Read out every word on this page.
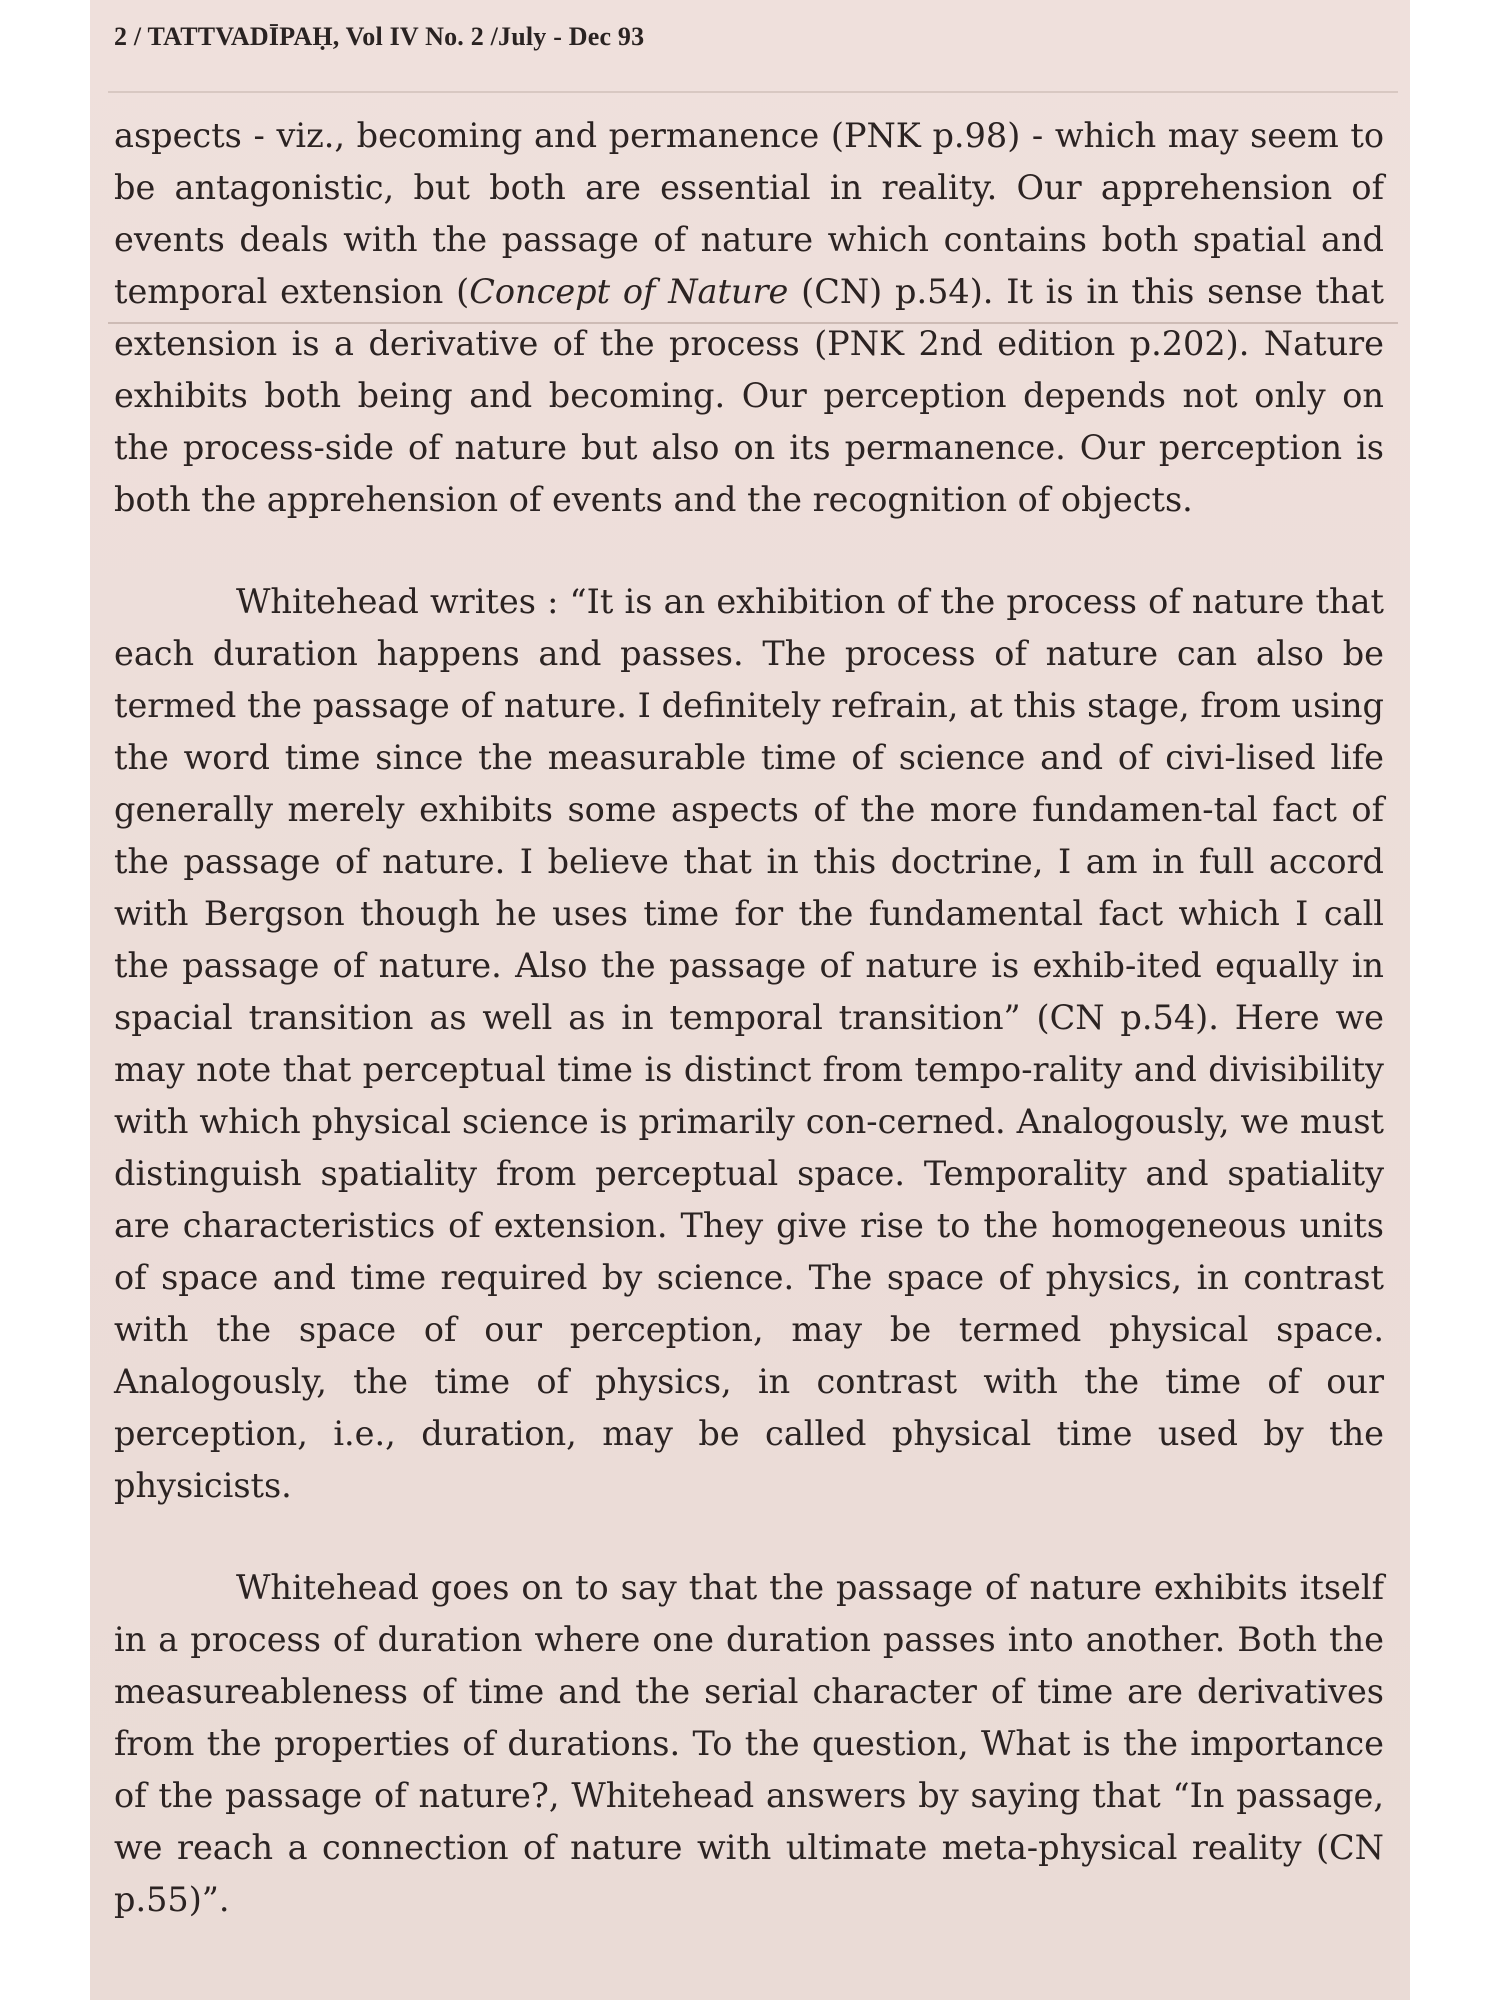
2 / TATTVADĪPAḤ, Vol IV No. 2 /July - Dec 93

aspects - viz., becoming and permanence (PNK p.98) - which may seem to be antagonistic, but both are essential in reality. Our apprehension of events deals with the passage of nature which contains both spatial and temporal extension (Concept of Nature (CN) p.54). It is in this sense that extension is a derivative of the process (PNK 2nd edition p.202). Nature exhibits both being and becoming. Our perception depends not only on the process-side of nature but also on its permanence. Our perception is both the apprehension of events and the recognition of objects.

Whitehead writes : “It is an exhibition of the process of nature that each duration happens and passes. The process of nature can also be termed the passage of nature. I definitely refrain, at this stage, from using the word time since the measurable time of science and of civi-lised life generally merely exhibits some aspects of the more fundamen-tal fact of the passage of nature. I believe that in this doctrine, I am in full accord with Bergson though he uses time for the fundamental fact which I call the passage of nature. Also the passage of nature is exhib-ited equally in spacial transition as well as in temporal transition” (CN p.54). Here we may note that perceptual time is distinct from tempo-rality and divisibility with which physical science is primarily con-cerned. Analogously, we must distinguish spatiality from perceptual space. Temporality and spatiality are characteristics of extension. They give rise to the homogeneous units of space and time required by science. The space of physics, in contrast with the space of our perception, may be termed physical space. Analogously, the time of physics, in contrast with the time of our perception, i.e., duration, may be called physical time used by the physicists.

Whitehead goes on to say that the passage of nature exhibits itself in a process of duration where one duration passes into another. Both the measureableness of time and the serial character of time are derivatives from the properties of durations. To the question, What is the importance of the passage of nature?, Whitehead answers by saying that “In passage, we reach a connection of nature with ultimate meta-physical reality (CN p.55)”.
